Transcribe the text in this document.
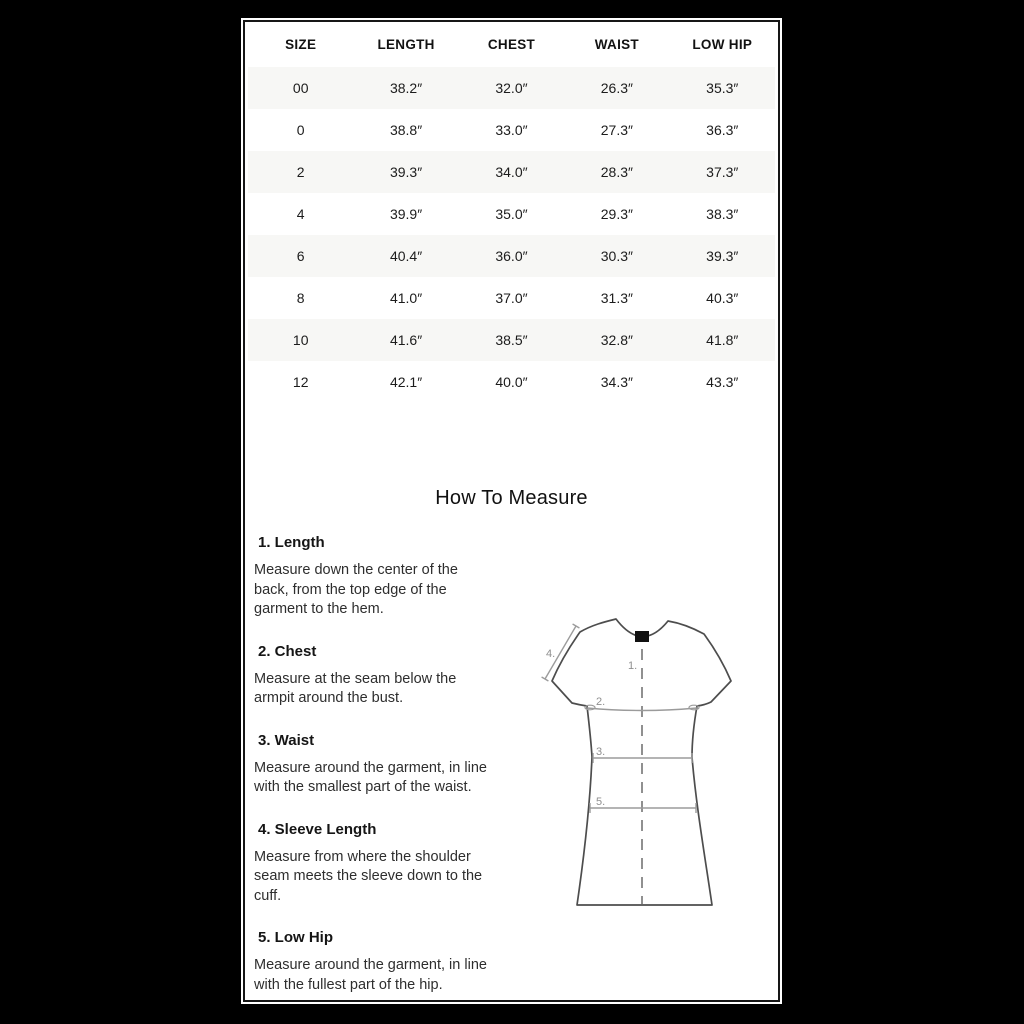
SIZE	LENGTH	CHEST	WAIST	LOW HIP
00	38.2″	32.0″	26.3″	35.3″
0	38.8″	33.0″	27.3″	36.3″
2	39.3″	34.0″	28.3″	37.3″
4	39.9″	35.0″	29.3″	38.3″
6	40.4″	36.0″	30.3″	39.3″
8	41.0″	37.0″	31.3″	40.3″
10	41.6″	38.5″	32.8″	41.8″
12	42.1″	40.0″	34.3″	43.3″
How To Measure
1. Length

Measure down the center of the back, from the top edge of the garment to the hem.

2. Chest

Measure at the seam below the armpit around the bust.

3. Waist

Measure around the garment, in line with the smallest part of the waist.

4. Sleeve Length

Measure from where the shoulder seam meets the sleeve down to the cuff.

5. Low Hip

Measure around the garment, in line with the fullest part of the hip.

4.
1.
2.
3.
5.
